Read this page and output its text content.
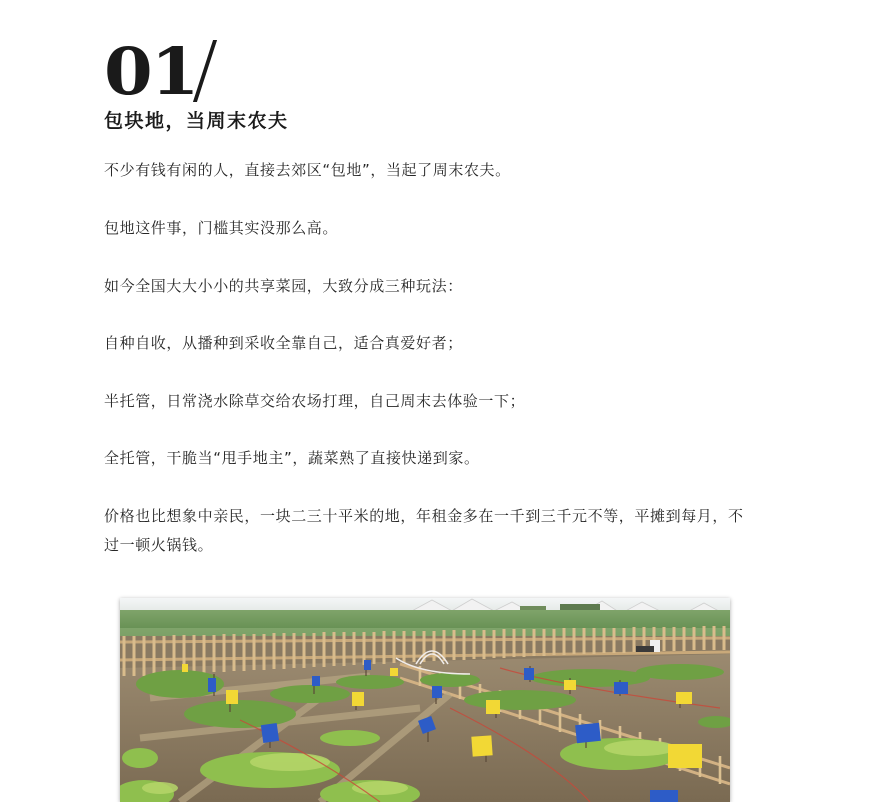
01
包块地，当周末农夫

不少有钱有闲的人，直接去郊区“包地”，当起了周末农夫。

包地这件事，门槛其实没那么高。

如今全国大大小小的共享菜园，大致分成三种玩法：

自种自收，从播种到采收全靠自己，适合真爱好者；

半托管，日常浇水除草交给农场打理，自己周末去体验一下；

全托管，干脆当“甩手地主”，蔬菜熟了直接快递到家。

价格也比想象中亲民，一块二三十平米的地，年租金多在一千到三千元不等，平摊到每月，不过一顿火锅钱。
